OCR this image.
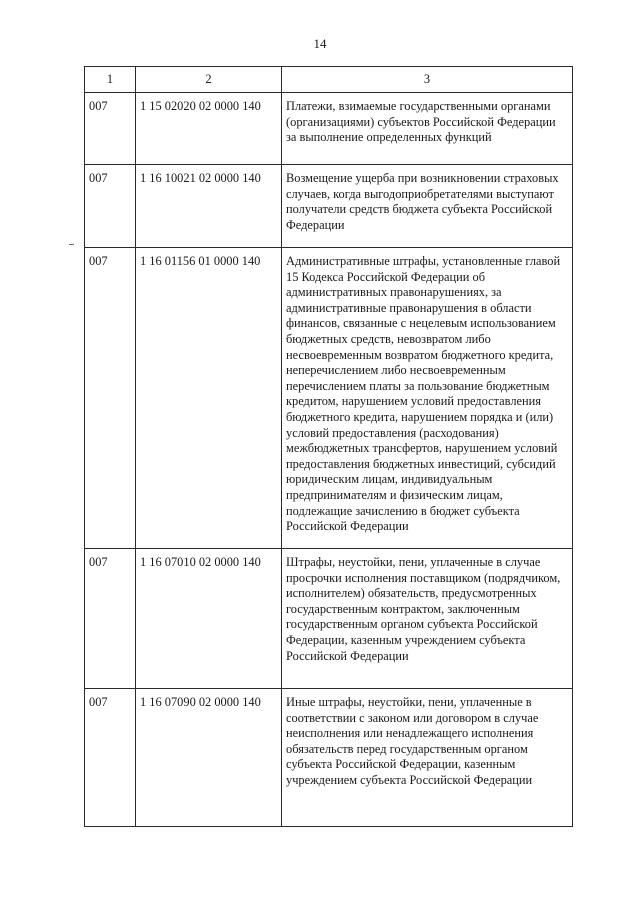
14
1	2	3
007	1 15 02020 02 0000 140	Платежи, взимаемые государственными органами (организациями) субъектов Российской Федерации за выполнение определенных функций
007	1 16 10021 02 0000 140	Возмещение ущерба при возникновении страховых случаев, когда выгодоприобретателями выступают получатели средств бюджета субъекта Российской Федерации
007	1 16 01156 01 0000 140	Административные штрафы, установленные главой 15 Кодекса Российской Федерации об административных правонарушениях, за административные правонарушения в области финансов, связанные с нецелевым использованием бюджетных средств, невозвратом либо несвоевременным возвратом бюджетного кредита, неперечислением либо несвоевременным перечислением платы за пользование бюджетным кредитом, нарушением условий предоставления бюджетного кредита, нарушением порядка и (или) условий предоставления (расходования) межбюджетных трансфертов, нарушением условий предоставления бюджетных инвестиций, субсидий юридическим лицам, индивидуальным предпринимателям и физическим лицам, подлежащие зачислению в бюджет субъекта Российской Федерации
007	1 16 07010 02 0000 140	Штрафы, неустойки, пени, уплаченные в случае просрочки исполнения поставщиком (подрядчиком, исполнителем) обязательств, предусмотренных государственным контрактом, заключенным государственным органом субъекта Российской Федерации, казенным учреждением субъекта Российской Федерации
007	1 16 07090 02 0000 140	Иные штрафы, неустойки, пени, уплаченные в соответствии с законом или договором в случае неисполнения или ненадлежащего исполнения обязательств перед государственным органом субъекта Российской Федерации, казенным учреждением субъекта Российской Федерации
